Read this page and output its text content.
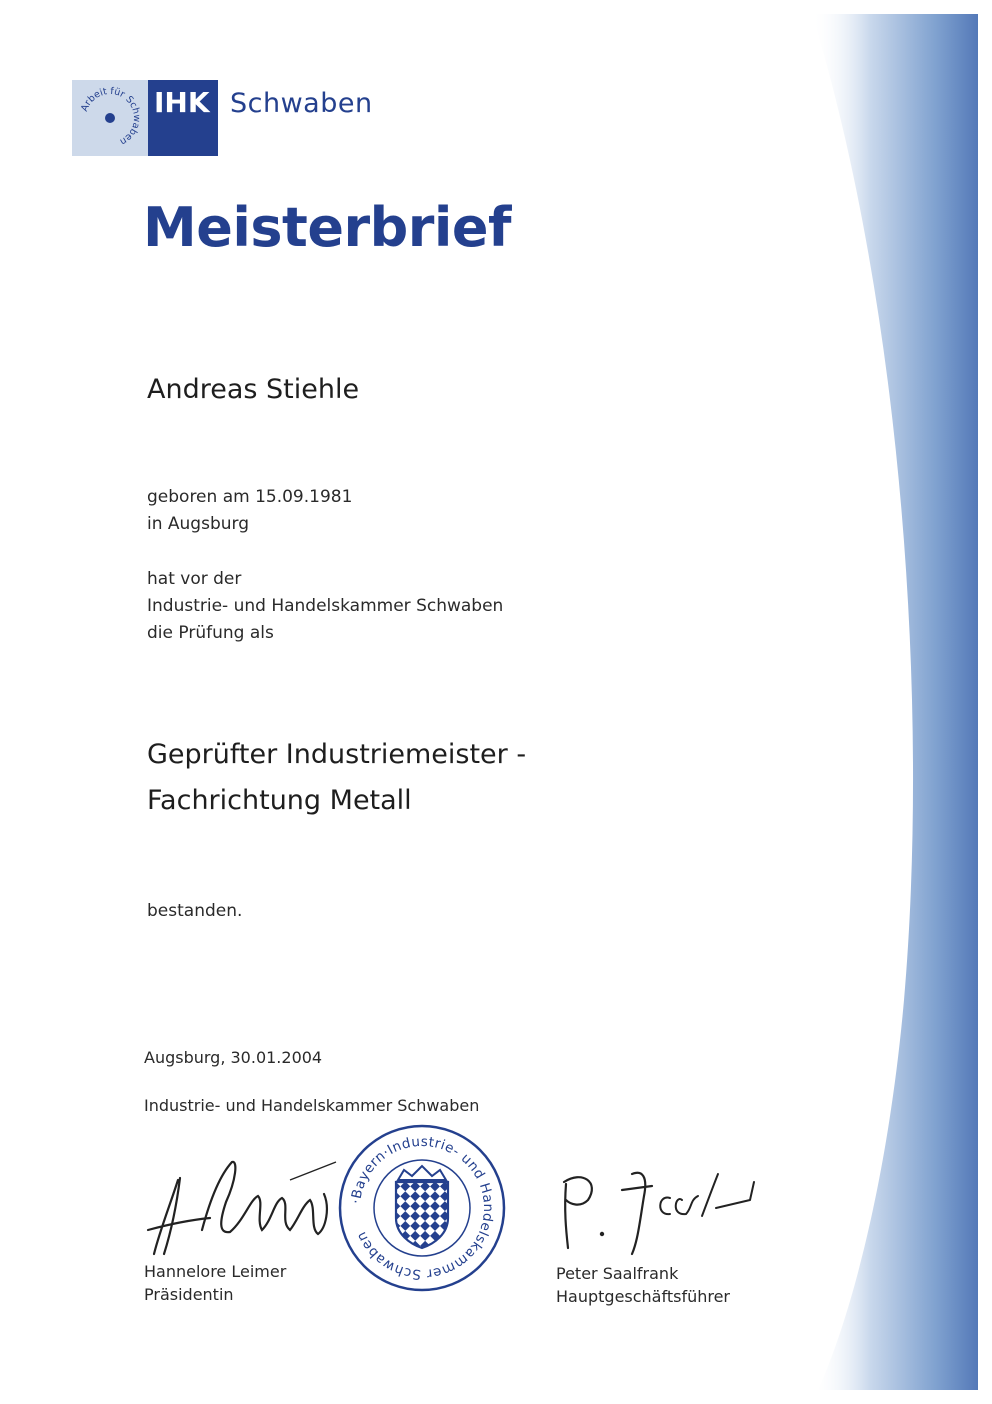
Arbeit für Schwaben
IHK Schwaben
Meisterbrief
Andreas Stiehle
geboren am 15.09.1981
in Augsburg
hat vor der
Industrie- und Handelskammer Schwaben
die Prüfung als
Geprüfter Industriemeister -
Fachrichtung Metall
bestanden.
Augsburg, 30.01.2004
Industrie- und Handelskammer Schwaben
Hannelore Leimer
Präsidentin
·Bayern·Industrie- und Handelskammer Schwaben
Peter Saalfrank
Hauptgeschäftsführer
